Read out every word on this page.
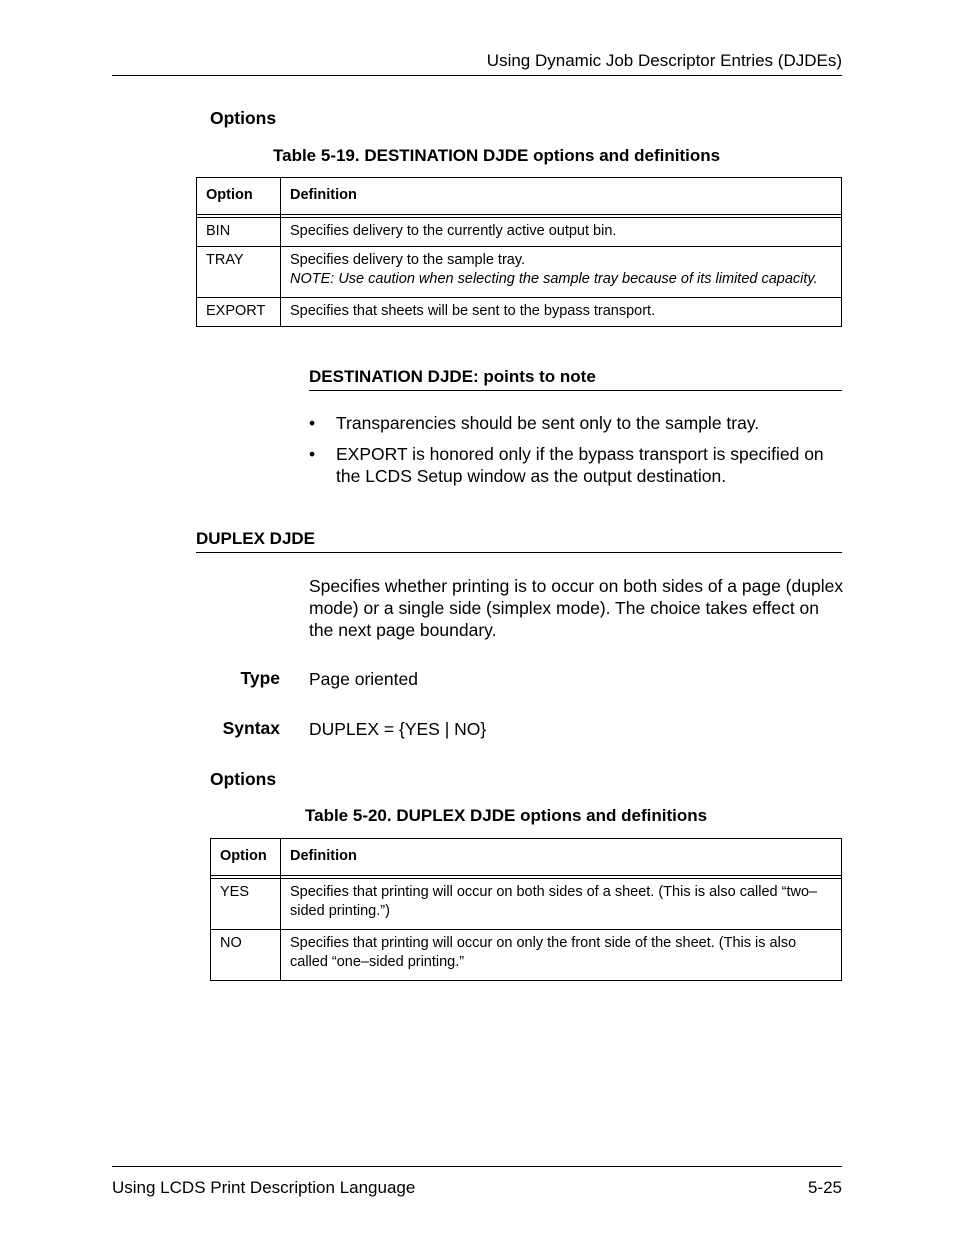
Using Dynamic Job Descriptor Entries (DJDEs)
Options
Table 5-19. DESTINATION DJDE options and definitions
Option	Definition

BIN	Specifies delivery to the currently active output bin.
TRAY	Specifies delivery to the sample tray.
NOTE: Use caution when selecting the sample tray because of its limited capacity.

EXPORT	Specifies that sheets will be sent to the bypass transport.
DESTINATION DJDE: points to note
• Transparencies should be sent only to the sample tray.
• EXPORT is honored only if the bypass transport is specified on the LCDS Setup window as the output destination.
DUPLEX DJDE
Specifies whether printing is to occur on both sides of a page (duplex mode) or a single side (simplex mode). The choice takes effect on the next page boundary.
Type Page oriented
Syntax DUPLEX = {YES | NO}
Options
Table 5-20. DUPLEX DJDE options and definitions
Option	Definition

YES	Specifies that printing will occur on both sides of a sheet. (This is also called “two–sided printing.”)
NO	Specifies that printing will occur on only the front side of the sheet. (This is also called “one–sided printing.”
Using LCDS Print Description Language	5-25
